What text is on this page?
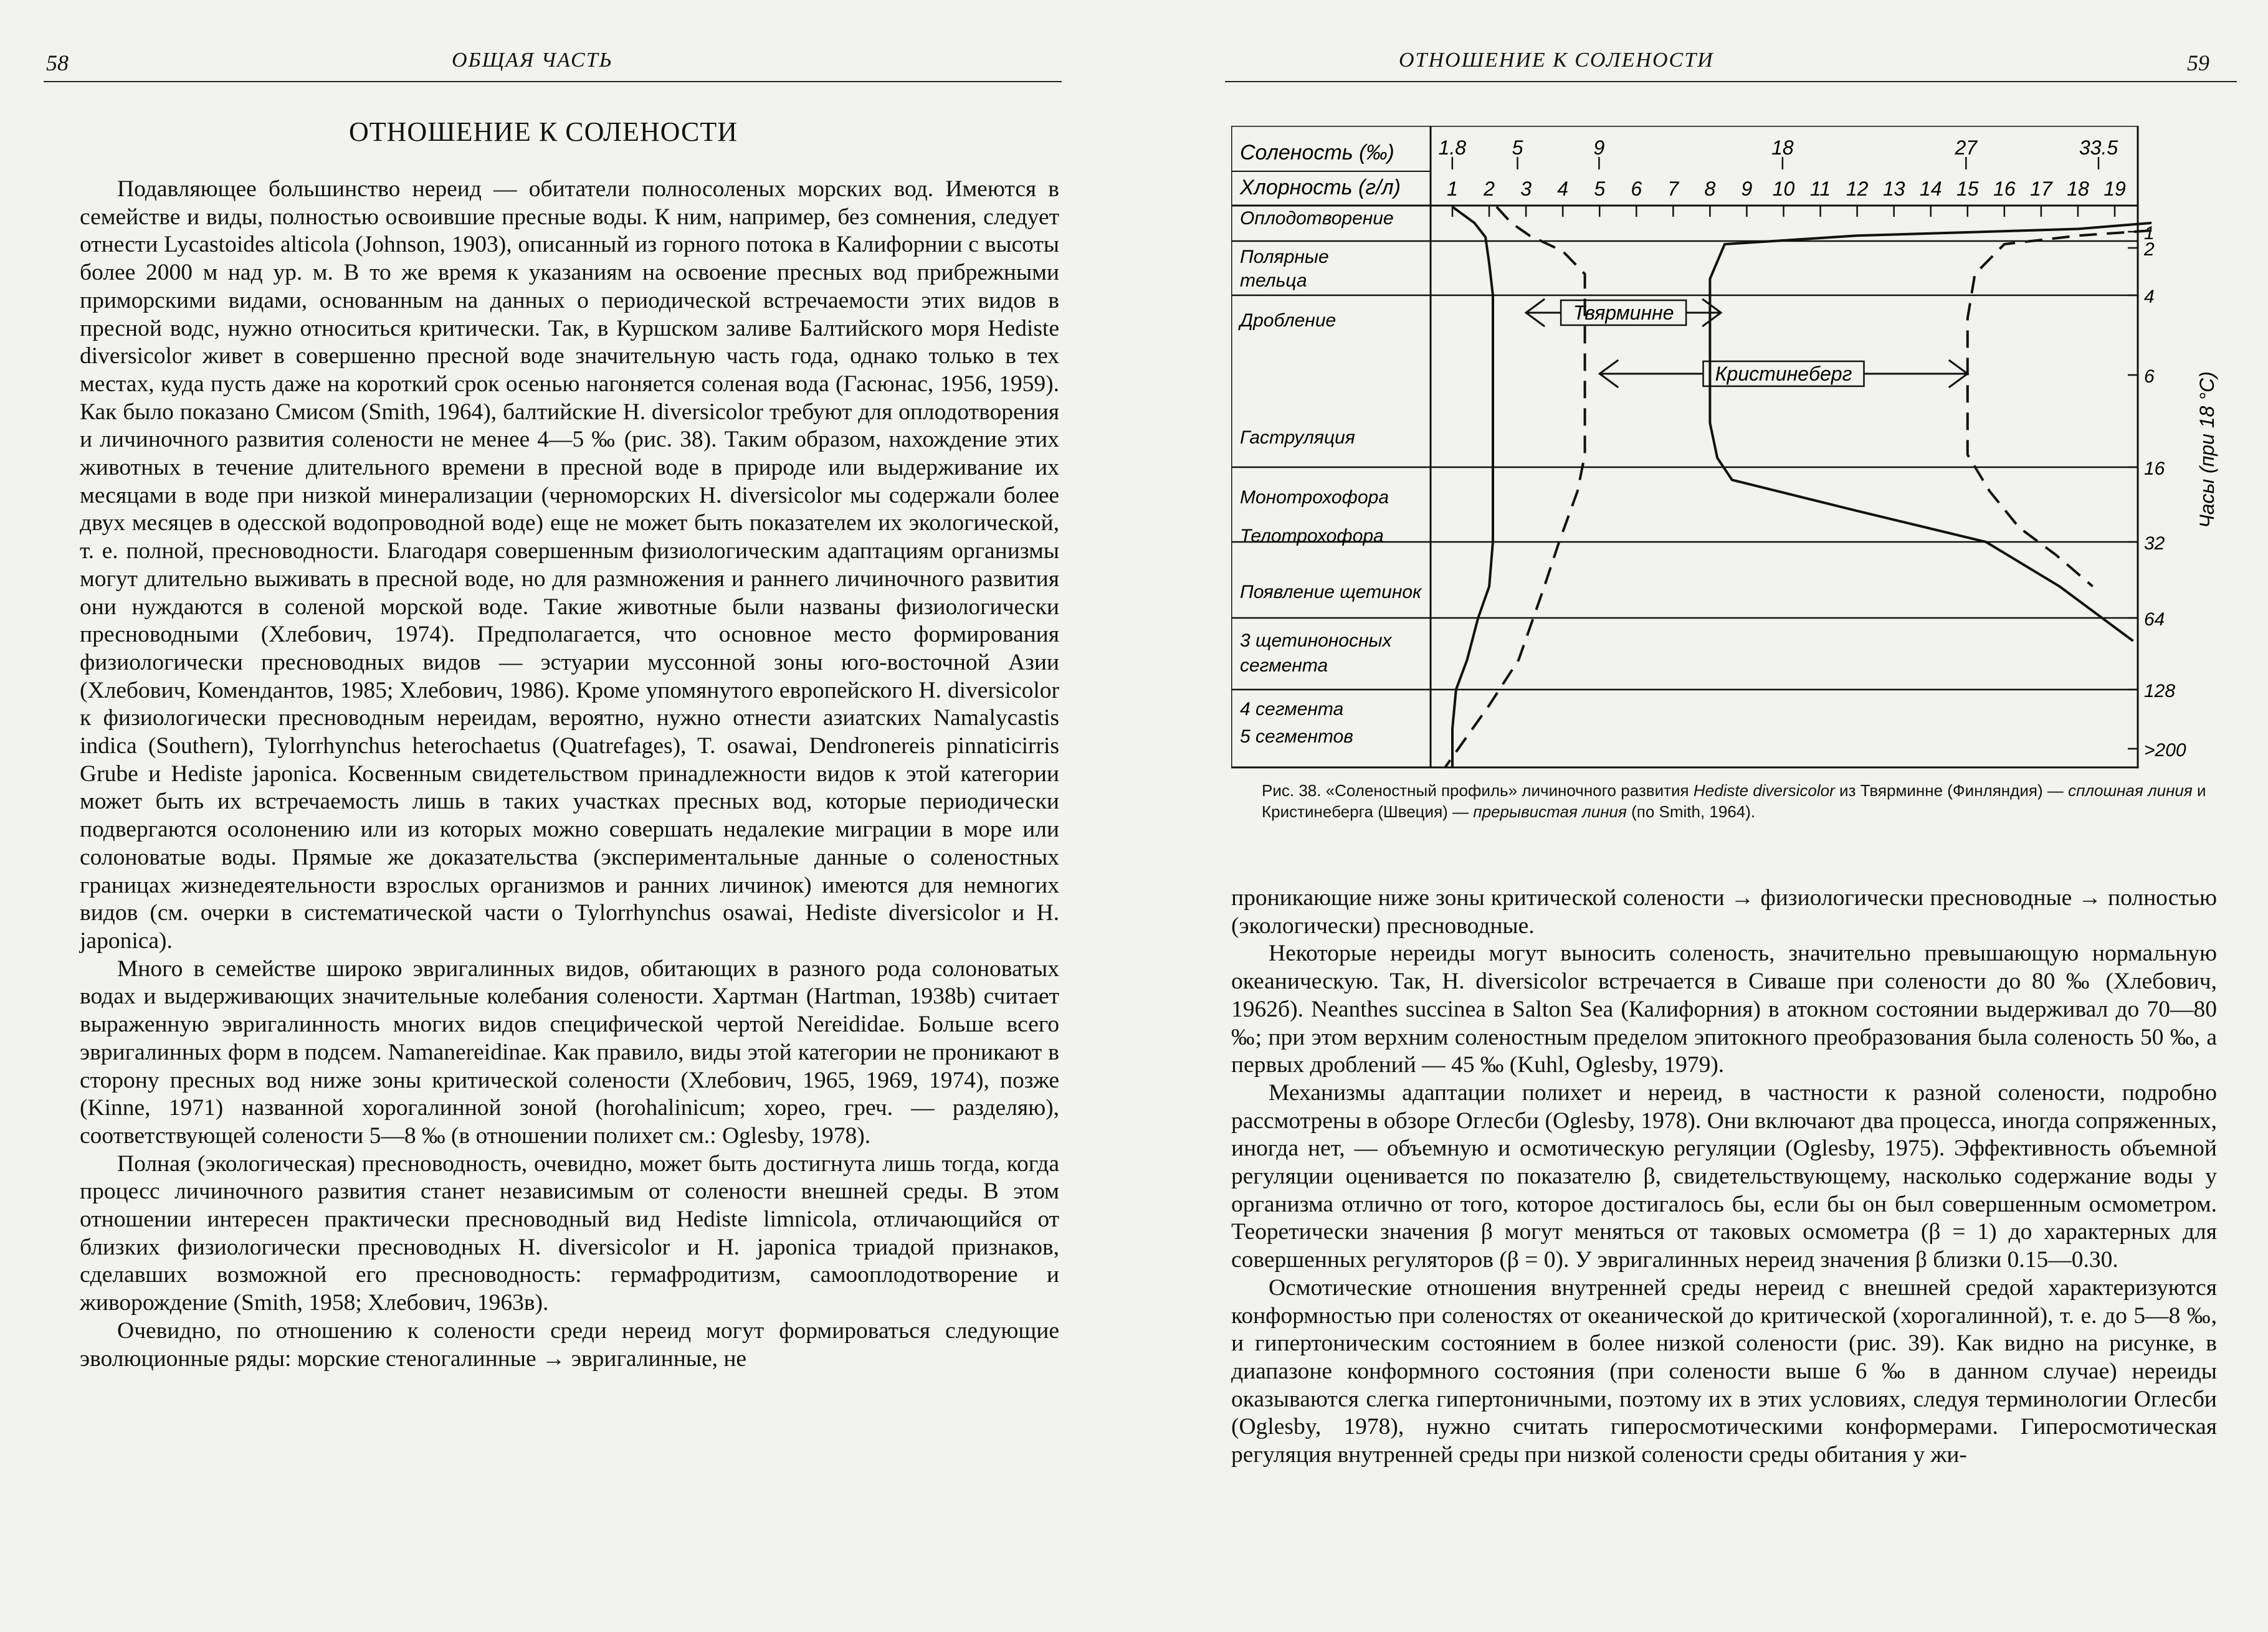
58	ОБЩАЯ ЧАСТЬ
ОТНОШЕНИЕ К СОЛЕНОСТИ

Подавляющее большинство нереид — обитатели полносоленых морских вод. Имеются в семействе и виды, полностью освоившие пресные воды. К ним, например, без сомнения, следует отнести Lycastoides alticola (Johnson, 1903), описанный из горного потока в Калифорнии с высоты более 2000 м над ур. м. В то же время к указаниям на освоение пресных вод прибрежными приморскими видами, основанным на данных о периодической встречаемости этих видов в пресной водс, нужно относиться критически. Так, в Куршском заливе Балтийского моря Hediste diversicolor живет в совершенно пресной воде значительную часть года, однако только в тех местах, куда пусть даже на короткий срок осенью нагоняется соленая вода (Гасюнас, 1956, 1959). Как было показано Смисом (Smith, 1964), балтийские H. diversicolor требуют для оплодотворения и личиночного развития солености не менее 4—5 ‰ (рис. 38). Таким образом, нахождение этих животных в течение длительного времени в пресной воде в природе или выдерживание их месяцами в воде при низкой минерализации (черноморских H. diversicolor мы содержали более двух месяцев в одесской водопроводной воде) еще не может быть показателем их экологической, т. е. полной, пресноводности. Благодаря совершенным физиологическим адаптациям организмы могут длительно выживать в пресной воде, но для размножения и раннего личиночного развития они нуждаются в соленой морской воде. Такие животные были названы физиологически пресноводными (Хлебович, 1974). Предполагается, что основное место формирования физиологически пресноводных видов — эстуарии муссонной зоны юго-восточной Азии (Хлебович, Комендантов, 1985; Хлебович, 1986). Кроме упомянутого европейского H. diversicolor к физиологически пресноводным нереидам, вероятно, нужно отнести азиатских Namalycastis indica (Southern), Tylorrhynchus heterochaetus (Quatrefages), T. osawai, Dendronereis pinnaticirris Grube и Hediste japonica. Косвенным свидетельством принадлежности видов к этой категории может быть их встречаемость лишь в таких участках пресных вод, которые периодически подвергаются осолонению или из которых можно совершать недалекие миграции в море или солоноватые воды. Прямые же доказательства (экспериментальные данные о соленостных границах жизнедеятельности взрослых организмов и ранних личинок) имеются для немногих видов (см. очерки в систематической части о Tylorrhynchus osawai, Hediste diversicolor и H. japonica).

Много в семействе широко эвригалинных видов, обитающих в разного рода солоноватых водах и выдерживающих значительные колебания солености. Хартман (Hartman, 1938b) считает выраженную эвригалинность многих видов специфической чертой Nereididae. Больше всего эвригалинных форм в подсем. Namanereidinae. Как правило, виды этой категории не проникают в сторону пресных вод ниже зоны критической солености (Хлебович, 1965, 1969, 1974), позже (Kinne, 1971) названной хорогалинной зоной (horohalinicum; хорео, греч. — разделяю), соответствующей солености 5—8 ‰ (в отношении полихет см.: Oglesby, 1978).

Полная (экологическая) пресноводность, очевидно, может быть достигнута лишь тогда, когда процесс личиночного развития станет независимым от солености внешней среды. В этом отношении интересен практически пресноводный вид Hediste limnicola, отличающийся от близких физиологически пресноводных H. diversicolor и H. japonica триадой признаков, сделавших возможной его пресноводность: гермафродитизм, самооплодотворение и живорождение (Smith, 1958; Хлебович, 1963в).

Очевидно, по отношению к солености среди нереид могут формироваться следующие эволюционные ряды: морские стеногалинные → эвригалинные, не

ОТНОШЕНИЕ К СОЛЕНОСТИ	59
Соленость (‰)
Хлорность (г/л)
1.8 5	9	18	27	33.5
1 2 3 4 5 6 7 8 9 10 11 12 13 14 15 16 17 18 19
Оплодотворение
Полярные
тельца
Дробление
Гаструляция
Монотрохофора
Телотрохофора
Появление щетинок
3 щетиноносных
сегмента
4 сегмента
5 сегментов
1
2
4
6
16
32
64
128
>200
Часы (при 18 °С)
Твярминне
Кристинеберг
Рис. 38. «Соленостный профиль» личиночного развития Hediste diversicolor из Твярминне (Финляндия) — сплошная линия и Кристинеберга (Швеция) — прерывистая линия (по Smith, 1964).

проникающие ниже зоны критической солености → физиологически пресноводные → полностью (экологически) пресноводные.

Некоторые нереиды могут выносить соленость, значительно превышающую нормальную океаническую. Так, H. diversicolor встречается в Сиваше при солености до 80 ‰ (Хлебович, 1962б). Neanthes succinea в Salton Sea (Калифорния) в атокном состоянии выдерживал до 70—80 ‰; при этом верхним соленостным пределом эпитокного преобразования была соленость 50 ‰, а первых дроблений — 45 ‰ (Kuhl, Oglesby, 1979).

Механизмы адаптации полихет и нереид, в частности к разной солености, подробно рассмотрены в обзоре Оглесби (Oglesby, 1978). Они включают два процесса, иногда сопряженных, иногда нет, — объемную и осмотическую регуляции (Oglesby, 1975). Эффективность объемной регуляции оценивается по показателю β, свидетельствующему, насколько содержание воды у организма отлично от того, которое достигалось бы, если бы он был совершенным осмометром. Теоретически значения β могут меняться от таковых осмометра (β = 1) до характерных для совершенных регуляторов (β = 0). У эвригалинных нереид значения β близки 0.15—0.30.

Осмотические отношения внутренней среды нереид с внешней средой характеризуются конформностью при соленостях от океанической до критической (хорогалинной), т. е. до 5—8 ‰, и гипертоническим состоянием в более низкой солености (рис. 39). Как видно на рисунке, в диапазоне конформного состояния (при солености выше 6 ‰ в данном случае) нереиды оказываются слегка гипертоничными, поэтому их в этих условиях, следуя терминологии Оглесби (Oglesby, 1978), нужно считать гиперосмотическими конформерами. Гиперосмотическая регуляция внутренней среды при низкой солености среды обитания у жи-
